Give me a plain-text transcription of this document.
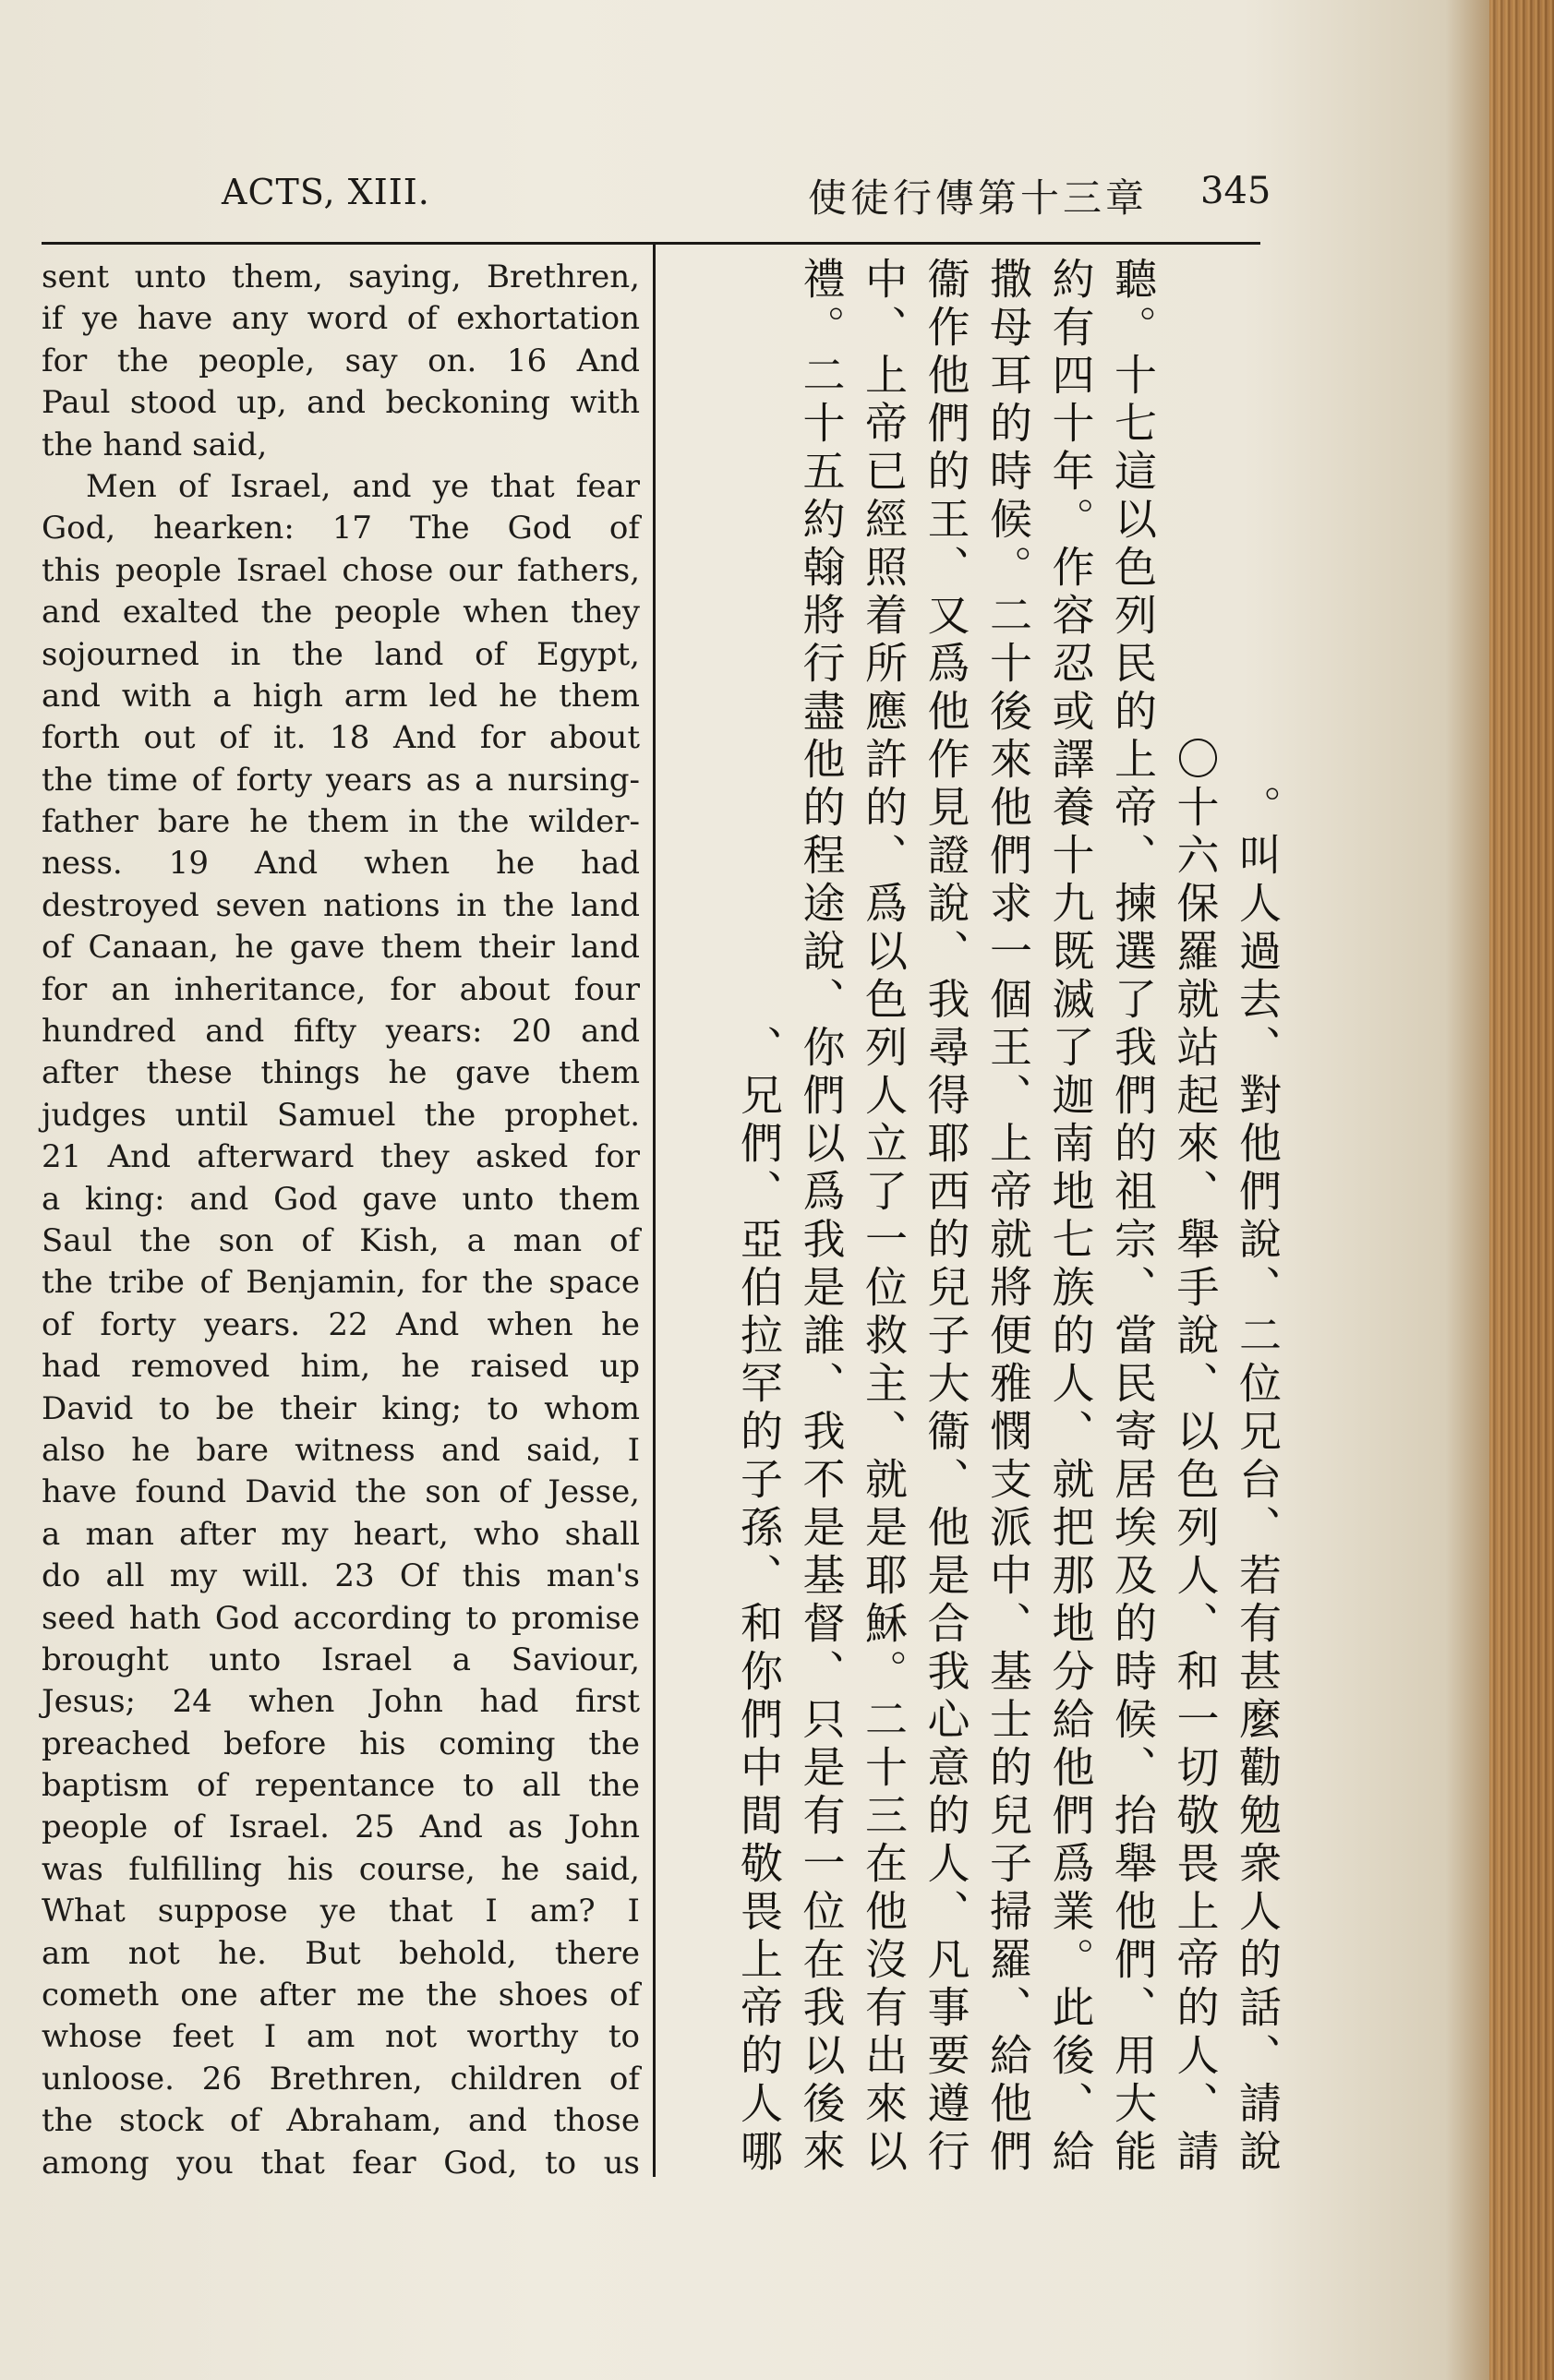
ACTS, XIII.	使徒行傳第十三章 345
sent unto them, saying, Brethren,
if ye have any word of exhortation
for the people, say on. 16 And
Paul stood up, and beckoning with
the hand said,
Men of Israel, and ye that fear
God, hearken: 17 The God of
this people Israel chose our fathers,
and exalted the people when they
sojourned in the land of Egypt,
and with a high arm led he them
forth out of it. 18 And for about
the time of forty years as a nursing-
father bare he them in the wilder-
ness. 19 And when he had
destroyed seven nations in the land
of Canaan, he gave them their land
for an inheritance, for about four
hundred and fifty years: 20 and
after these things he gave them
judges until Samuel the prophet.
21 And afterward they asked for
a king: and God gave unto them
Saul the son of Kish, a man of
the tribe of Benjamin, for the space
of forty years. 22 And when he
had removed him, he raised up
David to be their king; to whom
also he bare witness and said, I
have found David the son of Jesse,
a man after my heart, who shall
do all my will. 23 Of this man's
seed hath God according to promise
brought unto Israel a Saviour,
Jesus; 24 when John had first
preached before his coming the
baptism of repentance to all the
people of Israel. 25 And as John
was fulfilling his course, he said,
What suppose ye that I am? I
am not he. But behold, there
cometh one after me the shoes of
whose feet I am not worthy to
unloose. 26 Brethren, children of
the stock of Abraham, and those
among you that fear God, to us
叫人過去、對他們說、二位兄台、若有甚麼勸勉衆人的話、請說。
〇十六保羅就站起來、舉手說、以色列人、和一切敬畏上帝的人、請
聽。十七這以色列民的上帝、揀選了我們的祖宗、當民寄居埃及的時候、抬舉他們、用大能
約有四十年。作容忍或譯養十九既滅了迦南地七族的人、就把那地分給他們爲業。此後、給
撒母耳的時候。二十後來他們求一個王、上帝就將便雅憫支派中、基士的兒子掃羅、給他們
衞作他們的王、又爲他作見證說、我尋得耶西的兒子大衞、他是合我心意的人、凡事要遵行
中、上帝已經照着所應許的、爲以色列人立了一位救主、就是耶穌。二十三在他沒有出來以
禮。二十五約翰將行盡他的程途說、你們以爲我是誰、我不是基督、只是有一位在我以後來
兄們、亞伯拉罕的子孫、和你們中間敬畏上帝的人哪、
